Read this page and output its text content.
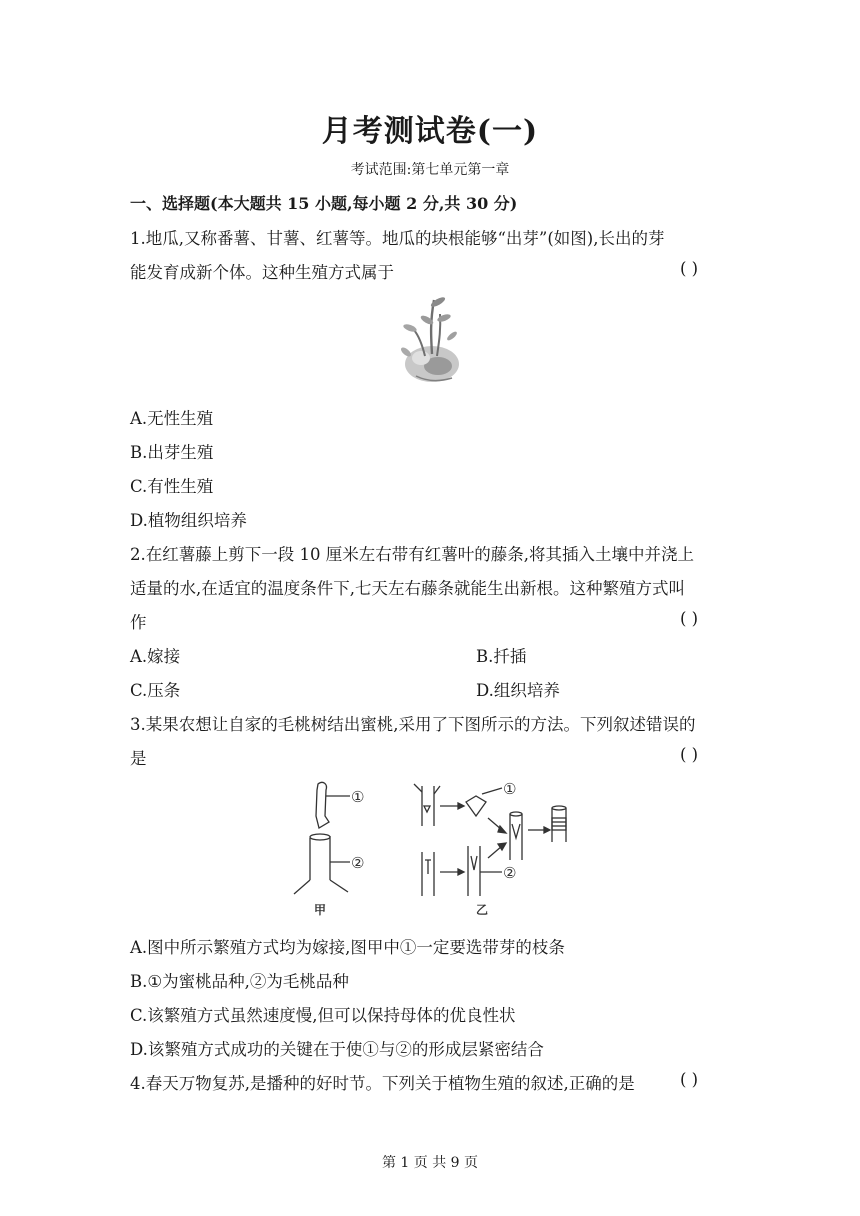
月考测试卷(一)
考试范围:第七单元第一章
一、选择题(本大题共 15 小题,每小题 2 分,共 30 分)
1.地瓜,又称番薯、甘薯、红薯等。地瓜的块根能够“出芽”(如图),长出的芽
能发育成新个体。这种生殖方式属于	( )
A.无性生殖
B.出芽生殖
C.有性生殖
D.植物组织培养
2.在红薯藤上剪下一段 10 厘米左右带有红薯叶的藤条,将其插入土壤中并浇上
适量的水,在适宜的温度条件下,七天左右藤条就能生出新根。这种繁殖方式叫
作	( )
A.嫁接	B.扦插
C.压条	D.组织培养
3.某果农想让自家的毛桃树结出蜜桃,采用了下图所示的方法。下列叙述错误的
是	( )
①
②
①
②
甲	乙
A.图中所示繁殖方式均为嫁接,图甲中①一定要选带芽的枝条
B.①为蜜桃品种,②为毛桃品种
C.该繁殖方式虽然速度慢,但可以保持母体的优良性状
D.该繁殖方式成功的关键在于使①与②的形成层紧密结合
4.春天万物复苏,是播种的好时节。下列关于植物生殖的叙述,正确的是	( )
第 1 页 共 9 页
